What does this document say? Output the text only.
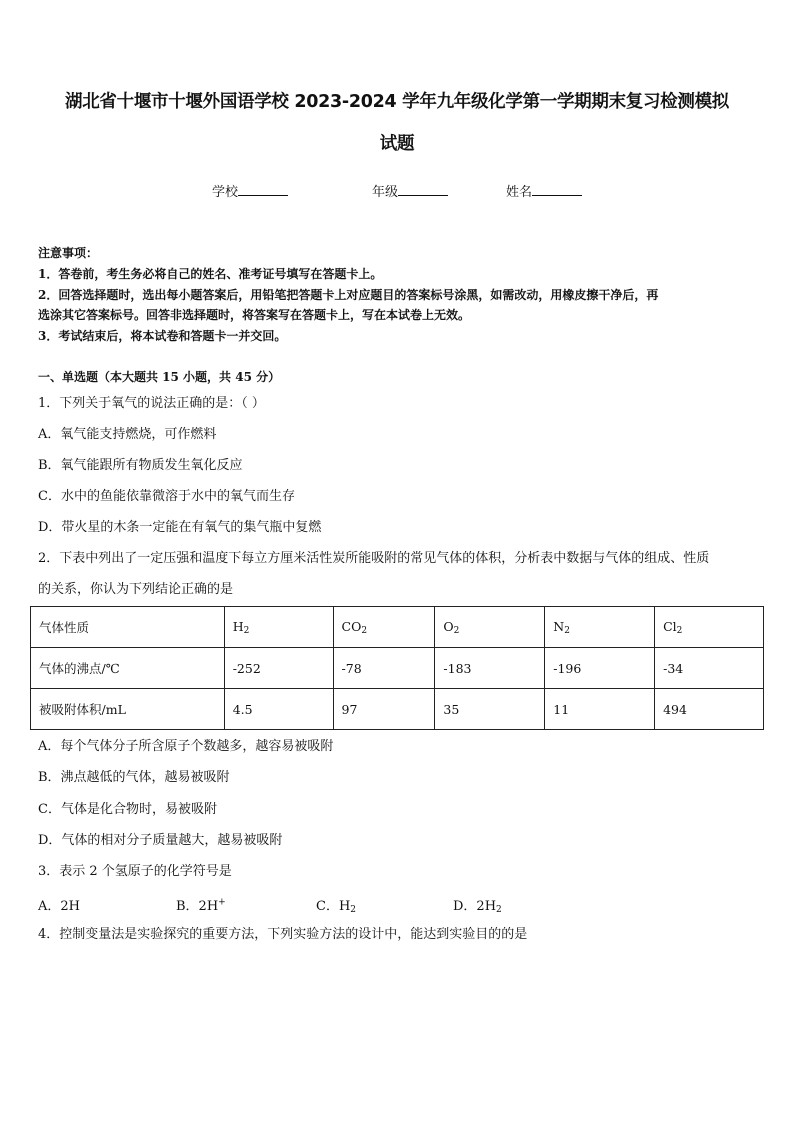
湖北省十堰市十堰外国语学校 2023-2024 学年九年级化学第一学期期末复习检测模拟
试题
学校	年级	姓名
注意事项：
1．答卷前，考生务必将自己的姓名、准考证号填写在答题卡上。
2．回答选择题时，选出每小题答案后，用铅笔把答题卡上对应题目的答案标号涂黑，如需改动，用橡皮擦干净后，再
选涂其它答案标号。回答非选择题时，将答案写在答题卡上，写在本试卷上无效。
3．考试结束后，将本试卷和答题卡一并交回。
一、单选题（本大题共 15 小题，共 45 分）
1．下列关于氧气的说法正确的是：（ ）
A．氧气能支持燃烧，可作燃料
B．氧气能跟所有物质发生氧化反应
C．水中的鱼能依靠微溶于水中的氧气而生存
D．带火星的木条一定能在有氧气的集气瓶中复燃
2．下表中列出了一定压强和温度下每立方厘米活性炭所能吸附的常见气体的体积，分析表中数据与气体的组成、性质
的关系，你认为下列结论正确的是
气体性质	$H_2$	$CO_2$	$O_2$	$N_2$	$Cl_2$
气体的沸点/℃	-252	-78	-183	-196	-34
被吸附体积/mL	4.5	97	35	11	494
A．每个气体分子所含原子个数越多，越容易被吸附
B．沸点越低的气体，越易被吸附
C．气体是化合物时，易被吸附
D．气体的相对分子质量越大，越易被吸附
3．表示 2 个氢原子的化学符号是
A．2H	B．2H+	C．$H_2$	D．$2H_2$
4．控制变量法是实验探究的重要方法，下列实验方法的设计中，能达到实验目的的是
